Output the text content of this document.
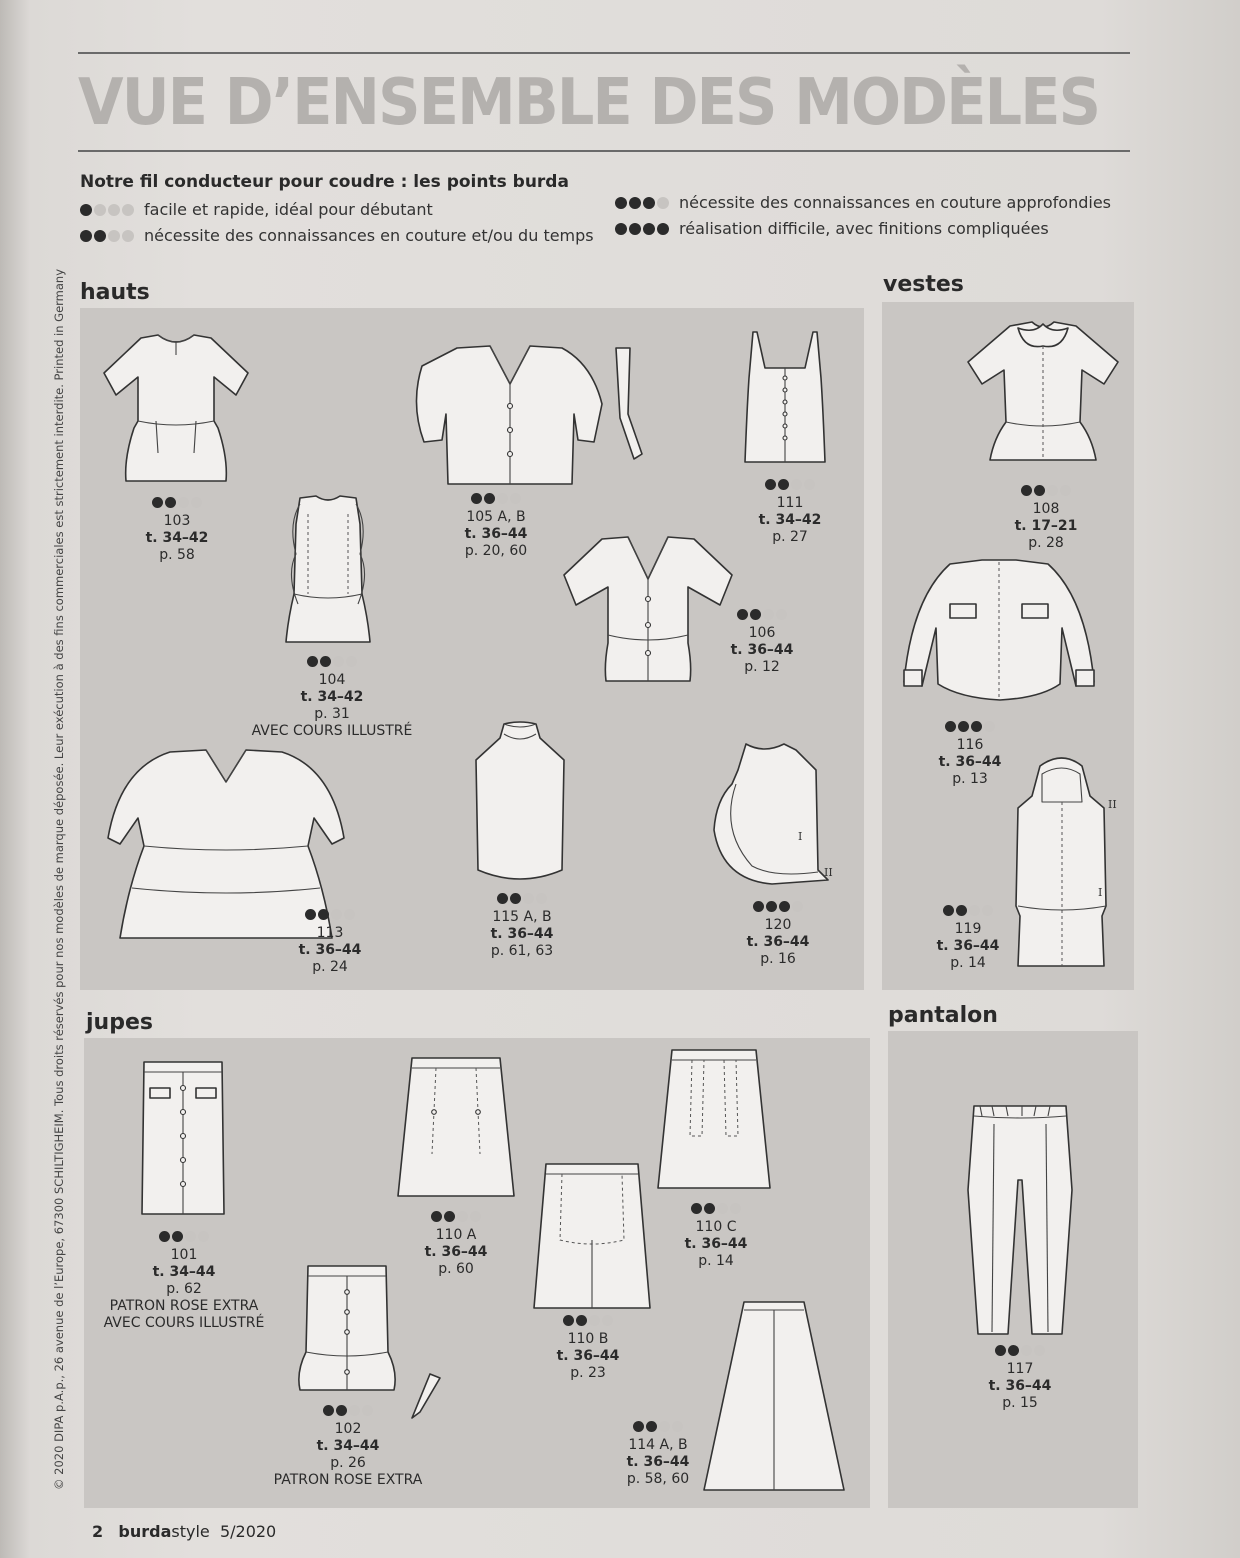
VUE D’ENSEMBLE DES MODÈLES
© 2020 DIPA p.A.p., 26 avenue de l’Europe, 67300 SCHILTIGHEIM. Tous droits réservés pour nos modèles de marque déposée. Leur exécution à des fins commerciales est strictement interdite. Printed in Germany
Notre fil conducteur pour coudre : les points burda
facile et rapide, idéal pour débutant
nécessite des connaissances en couture et/ou du temps
nécessite des connaissances en couture approfondies
réalisation difficile, avec finitions compliquées
hauts	vestes
jupes	pantalon
I
II
II
I
103
t. 34–42
p. 58
104
t. 34–42
p. 31
AVEC COURS ILLUSTRÉ
105 A, B
t. 36–44
p. 20, 60
111
t. 34–42
p. 27
106
t. 36–44
p. 12
113
t. 36–44
p. 24
115 A, B
t. 36–44
p. 61, 63
120
t. 36–44
p. 16
108
t. 17–21
p. 28
116
t. 36–44
p. 13
119
t. 36–44
p. 14
101
t. 34–44
p. 62
PATRON ROSE EXTRA
AVEC COURS ILLUSTRÉ
102
t. 34–44
p. 26
PATRON ROSE EXTRA
110 A
t. 36–44
p. 60
110 B
t. 36–44
p. 23
110 C
t. 36–44
p. 14
114 A, B
t. 36–44
p. 58, 60
117
t. 36–44
p. 15
2 burdastyle 5/2020
